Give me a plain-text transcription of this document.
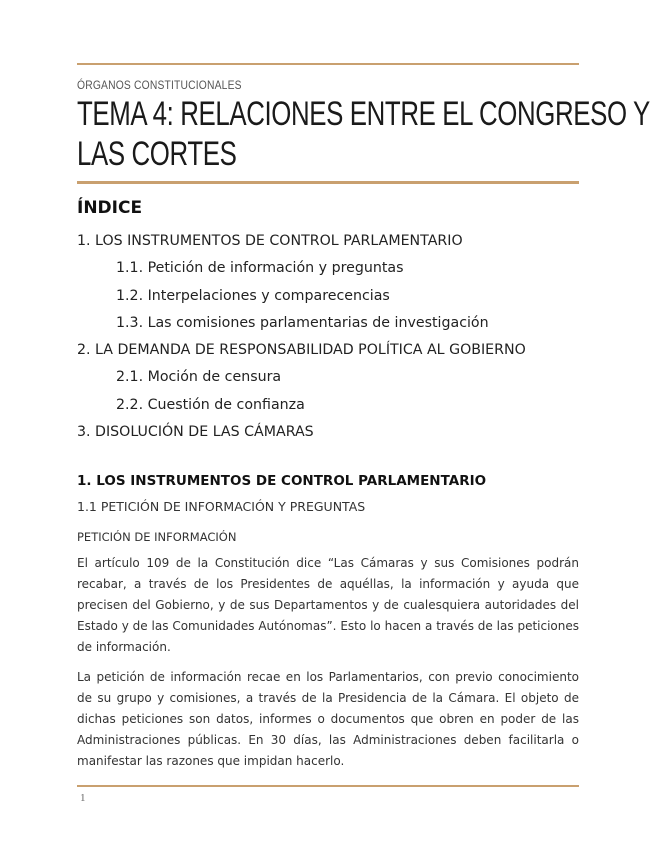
ÓRGANOS CONSTITUCIONALES
TEMA 4: RELACIONES ENTRE EL CONGRESO Y
LAS CORTES
ÍNDICE
1. LOS INSTRUMENTOS DE CONTROL PARLAMENTARIO
1.1. Petición de información y preguntas
1.2. Interpelaciones y comparecencias
1.3. Las comisiones parlamentarias de investigación
2. LA DEMANDA DE RESPONSABILIDAD POLÍTICA AL GOBIERNO
2.1. Moción de censura
2.2. Cuestión de confianza
3. DISOLUCIÓN DE LAS CÁMARAS
1. LOS INSTRUMENTOS DE CONTROL PARLAMENTARIO
1.1 PETICIÓN DE INFORMACIÓN Y PREGUNTAS
PETICIÓN DE INFORMACIÓN

El artículo 109 de la Constitución dice “Las Cámaras y sus Comisiones podrán recabar, a través de los Presidentes de aquéllas, la información y ayuda que precisen del Gobierno, y de sus Departamentos y de cualesquiera autoridades del Estado y de las Comunidades Autónomas”. Esto lo hacen a través de las peticiones de información.

La petición de información recae en los Parlamentarios, con previo conocimiento de su grupo y comisiones, a través de la Presidencia de la Cámara. El objeto de dichas peticiones son datos, informes o documentos que obren en poder de las Administraciones públicas. En 30 días, las Administraciones deben facilitarla o manifestar las razones que impidan hacerlo.

1
